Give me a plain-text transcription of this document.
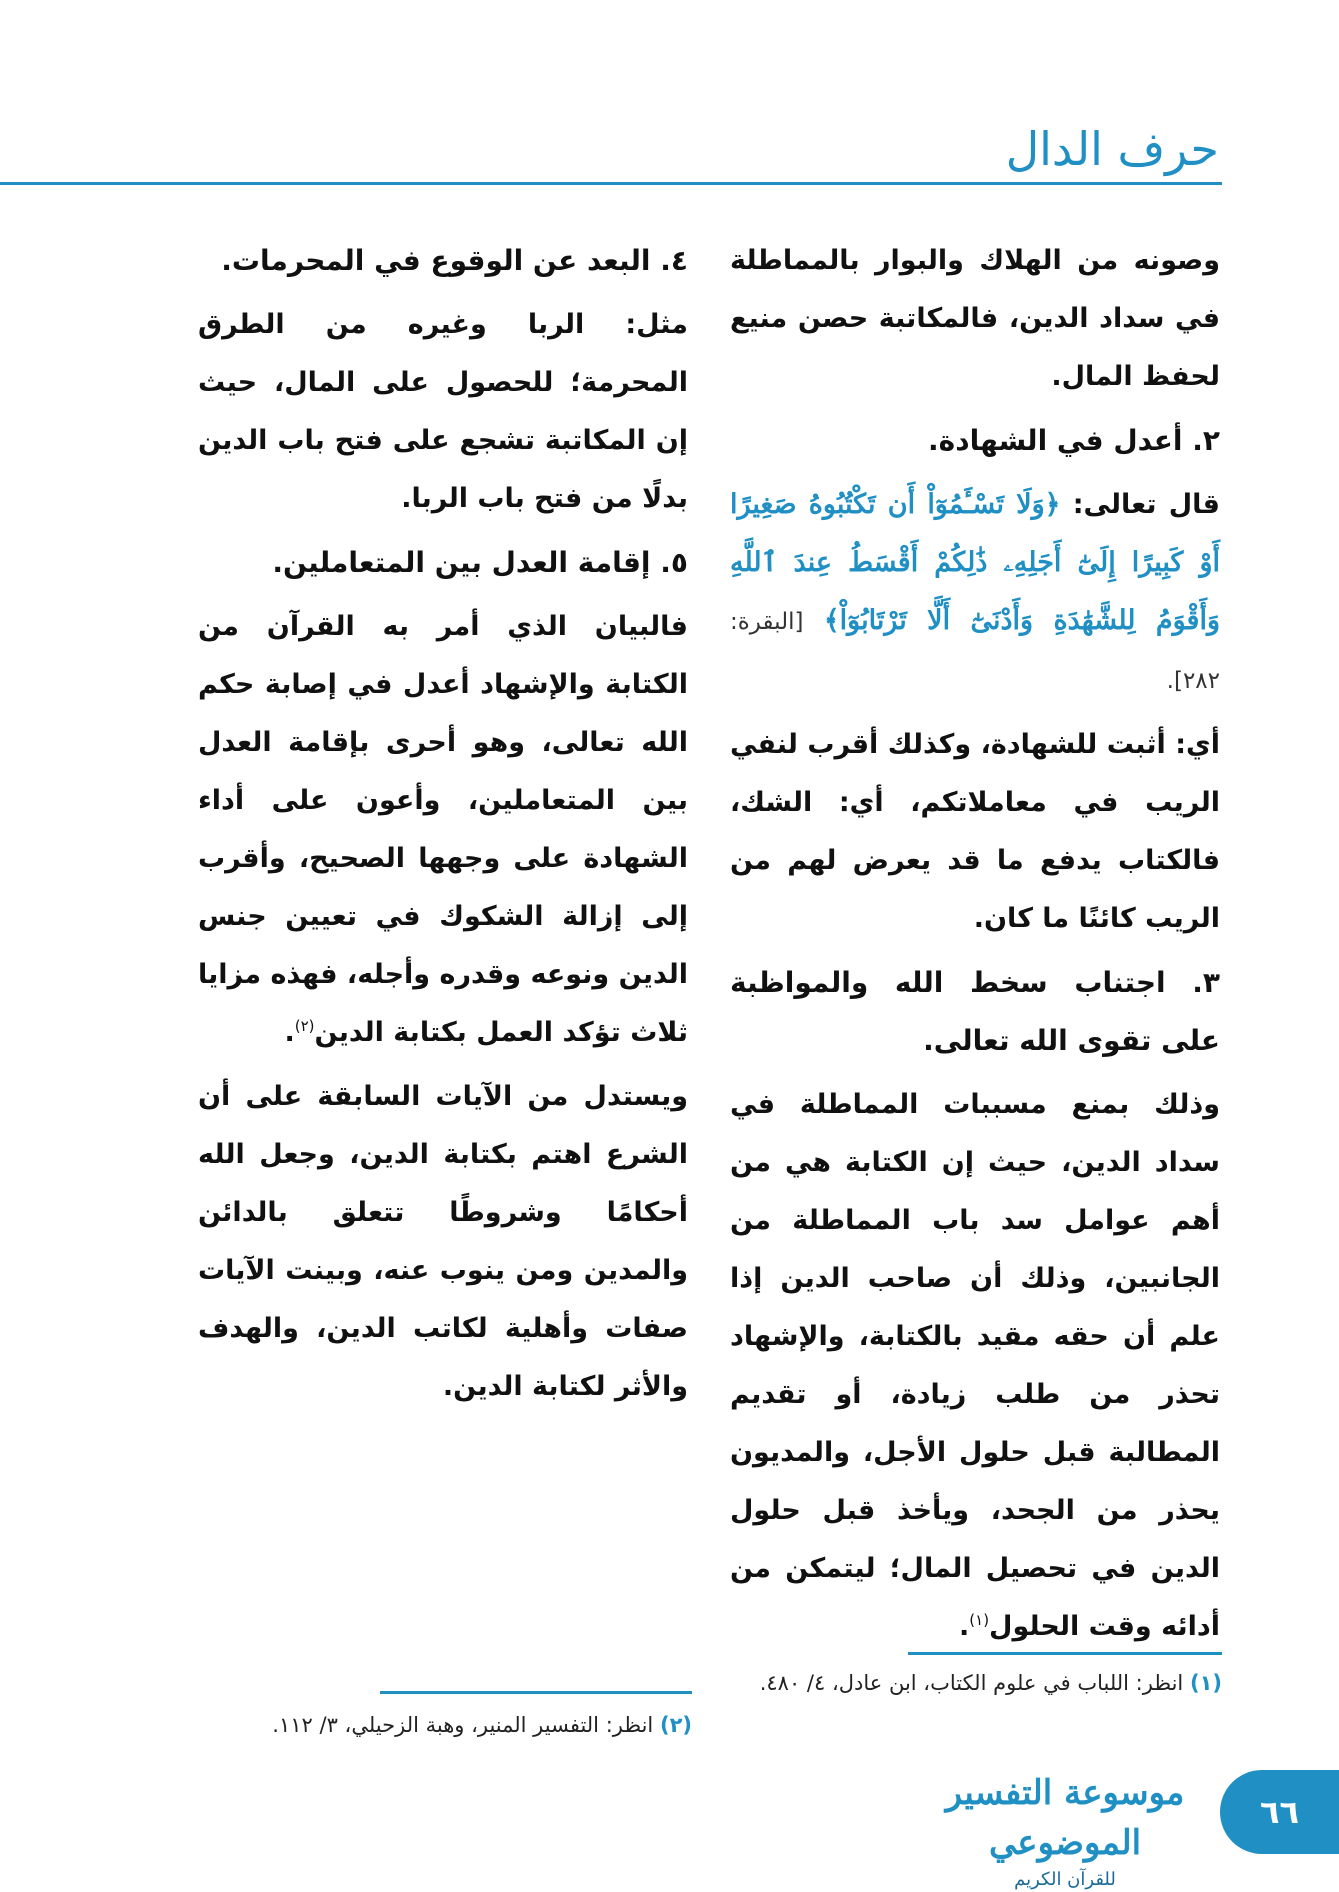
حرف الدال

وصونه من الهلاك والبوار بالمماطلة في سداد الدين، فالمكاتبة حصن منيع لحفظ المال.

٢. أعدل في الشهادة.

قال تعالى: ﴿وَلَا تَسْـَٔمُوٓاْ أَن تَكْتُبُوهُ صَغِيرًا أَوْ كَبِيرًا إِلَىٰٓ أَجَلِهِۦ ذَٰلِكُمْ أَقْسَطُ عِندَ ٱللَّهِ وَأَقْوَمُ لِلشَّهَٰدَةِ وَأَدْنَىٰٓ أَلَّا تَرْتَابُوٓاْ﴾ [البقرة: ٢٨٢].

أي: أثبت للشهادة، وكذلك أقرب لنفي الريب في معاملاتكم، أي: الشك، فالكتاب يدفع ما قد يعرض لهم من الريب كائنًا ما كان.

٣. اجتناب سخط الله والمواظبة على تقوى الله تعالى.

وذلك بمنع مسببات المماطلة في سداد الدين، حيث إن الكتابة هي من أهم عوامل سد باب المماطلة من الجانبين، وذلك أن صاحب الدين إذا علم أن حقه مقيد بالكتابة، والإشهاد تحذر من طلب زيادة، أو تقديم المطالبة قبل حلول الأجل، والمديون يحذر من الجحد، ويأخذ قبل حلول الدين في تحصيل المال؛ ليتمكن من أدائه وقت الحلول$^{(١)}$.

٤. البعد عن الوقوع في المحرمات.

مثل: الربا وغيره من الطرق المحرمة؛ للحصول على المال، حيث إن المكاتبة تشجع على فتح باب الدين بدلًا من فتح باب الربا.

٥. إقامة العدل بين المتعاملين.

فالبيان الذي أمر به القرآن من الكتابة والإشهاد أعدل في إصابة حكم الله تعالى، وهو أحرى بإقامة العدل بين المتعاملين، وأعون على أداء الشهادة على وجهها الصحيح، وأقرب إلى إزالة الشكوك في تعيين جنس الدين ونوعه وقدره وأجله، فهذه مزايا ثلاث تؤكد العمل بكتابة الدين$^{(٢)}$.

ويستدل من الآيات السابقة على أن الشرع اهتم بكتابة الدين، وجعل الله أحكامًا وشروطًا تتعلق بالدائن والمدين ومن ينوب عنه، وبينت الآيات صفات وأهلية لكاتب الدين، والهدف والأثر لكتابة الدين.

(١) انظر: اللباب في علوم الكتاب، ابن عادل، ٤/ ٤٨٠.
(٢) انظر: التفسير المنير، وهبة الزحيلي، ٣/ ١١٢.
٦٦
موسوعة التفسير الموضوعي
للقرآن الكريم
